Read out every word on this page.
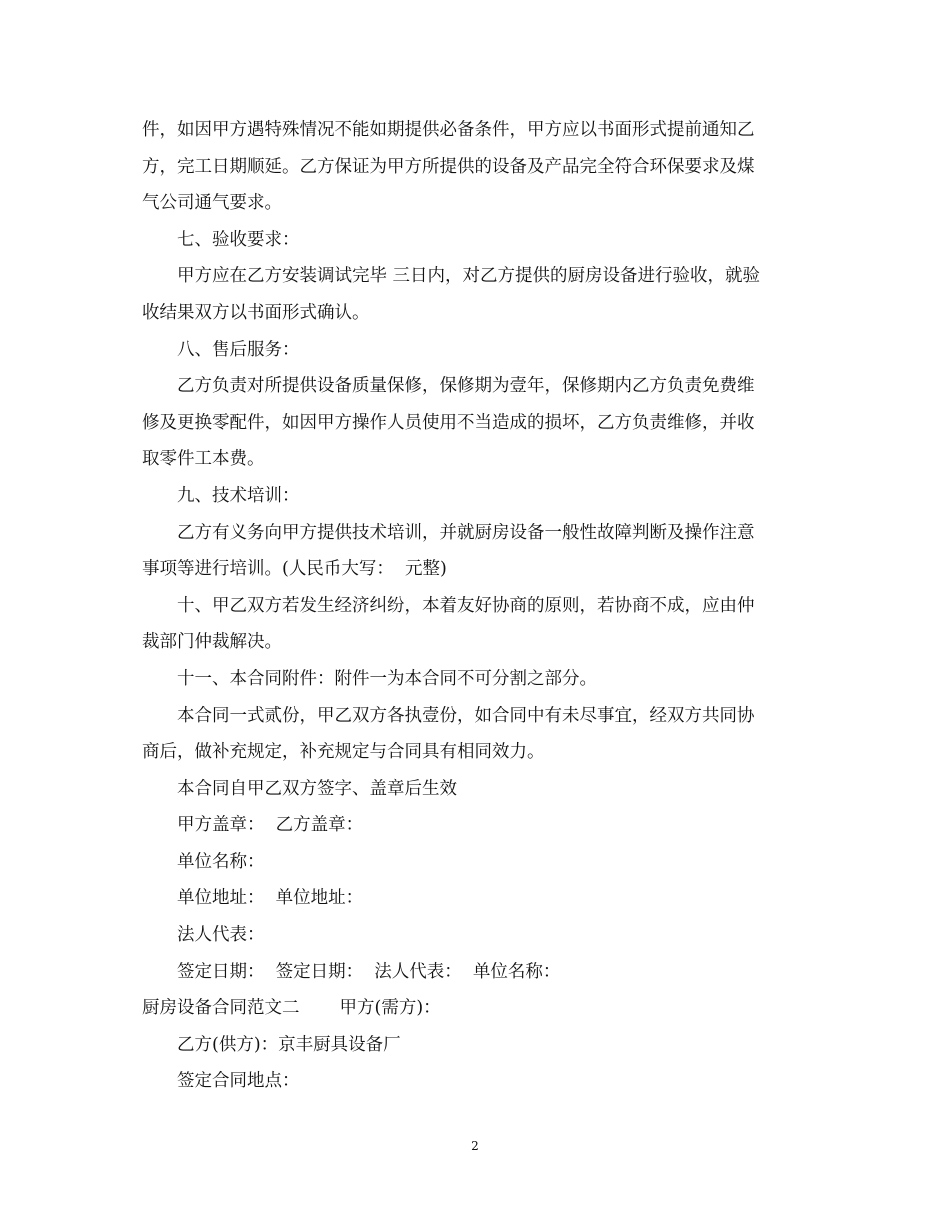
件，如因甲方遇特殊情况不能如期提供必备条件，甲方应以书面形式提前通知乙

方，完工日期顺延。乙方保证为甲方所提供的设备及产品完全符合环保要求及煤

气公司通气要求。

七、验收要求：

甲方应在乙方安装调试完毕 三日内，对乙方提供的厨房设备进行验收，就验

收结果双方以书面形式确认。

八、售后服务：

乙方负责对所提供设备质量保修，保修期为壹年，保修期内乙方负责免费维

修及更换零配件，如因甲方操作人员使用不当造成的损坏，乙方负责维修，并收

取零件工本费。

九、技术培训：

乙方有义务向甲方提供技术培训，并就厨房设备一般性故障判断及操作注意

事项等进行培训。(人民币大写：  元整)

十、甲乙双方若发生经济纠纷，本着友好协商的原则，若协商不成，应由仲

裁部门仲裁解决。

十一、本合同附件：附件一为本合同不可分割之部分。

本合同一式贰份，甲乙双方各执壹份，如合同中有未尽事宜，经双方共同协

商后，做补充规定，补充规定与合同具有相同效力。

本合同自甲乙双方签字、盖章后生效

甲方盖章：  乙方盖章：

单位名称：

单位地址：  单位地址：

法人代表：

签定日期：  签定日期：  法人代表：  单位名称：

厨房设备合同范文二 甲方(需方)：

乙方(供方)：京丰厨具设备厂

签定合同地点：

2
